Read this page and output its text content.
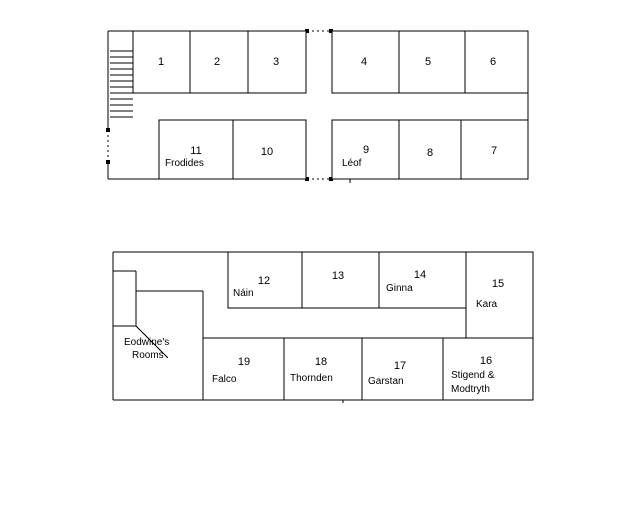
1	2	3	4	5	6
11
Frodides
10	9
Léof
8	7
Eodwine's
Rooms
12
Náin
13	14
Ginna	15
Kara
19
Falco
18
Thornden
17
Garstan
16
Stigend &
Modtryth
